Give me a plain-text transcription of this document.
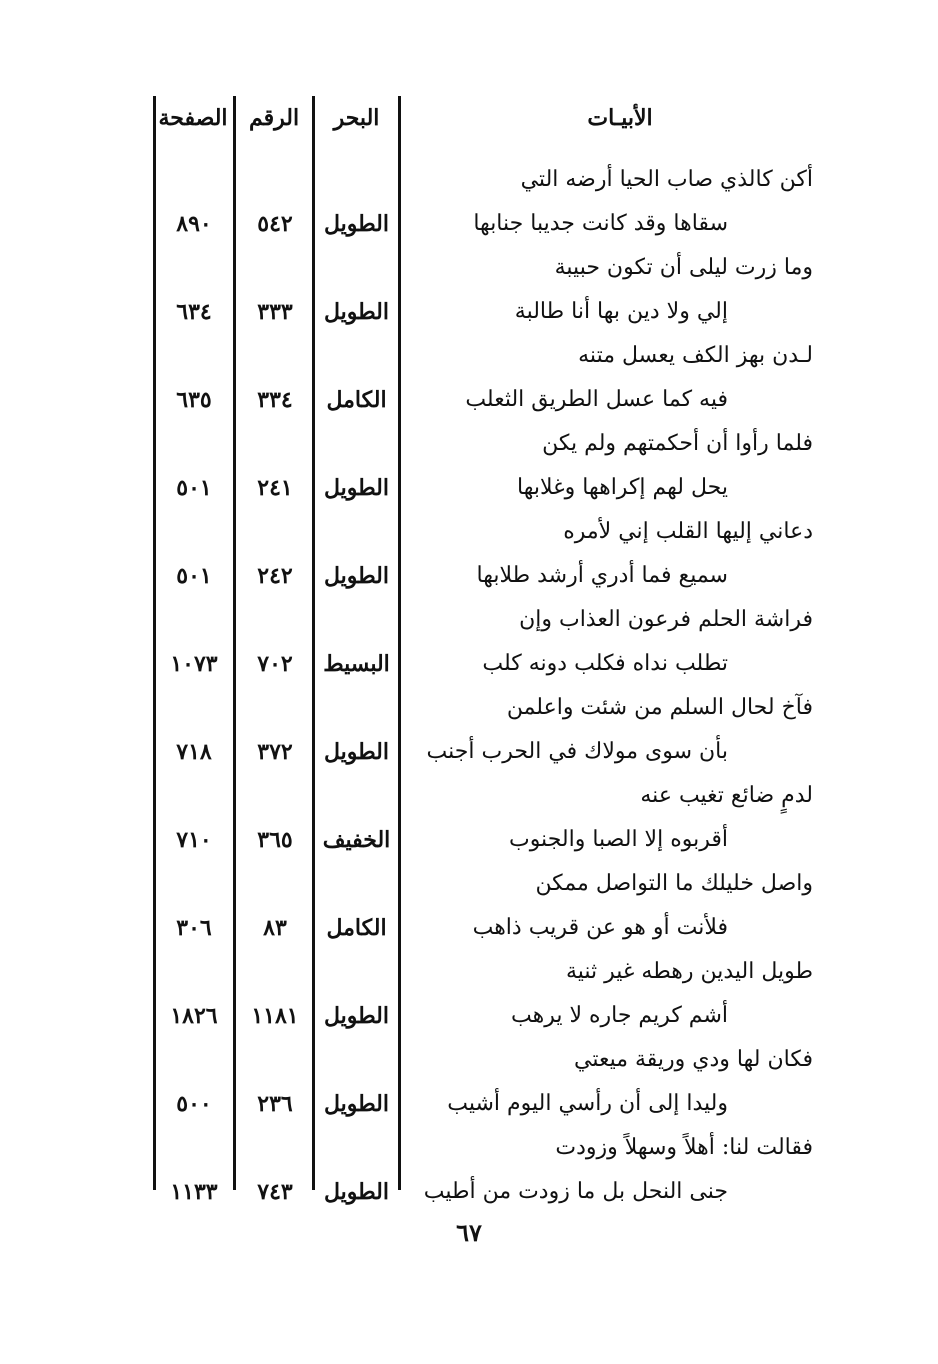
الأبيـات
البحر
الرقم
الصفحة
أكن كالذي صاب الحيا أرضه التي
سقاها وقد كانت جديبا جنابها
الطويل
٥٤٢
٨٩٠
وما زرت ليلى أن تكون حبيبة
إلي ولا دين بها أنا طالبة
الطويل
٣٣٣
٦٣٤
لـدن بهز الكف يعسل متنه
فيه كما عسل الطريق الثعلب
الكامل
٣٣٤
٦٣٥
فلما رأوا أن أحكمتهم ولم يكن
يحل لهم إكراهها وغلابها
الطويل
٢٤١
٥٠١
دعاني إليها القلب إني لأمره
سميع فما أدري أرشد طلابها
الطويل
٢٤٢
٥٠١
فراشة الحلم فرعون العذاب وإن
تطلب نداه فكلب دونه كلب
البسيط
٧٠٢
١٠٧٣
فآخ لحال السلم من شئت واعلمن
بأن سوى مولاك في الحرب أجنب
الطويل
٣٧٢
٧١٨
لدمٍ ضائع تغيب عنه
أقربوه إلا الصبا والجنوب
الخفيف
٣٦٥
٧١٠
واصل خليلك ما التواصل ممكن
فلأنت أو هو عن قريب ذاهب
الكامل
٨٣
٣٠٦
طويل اليدين رهطه غير ثنية
أشم كريم جاره لا يرهب
الطويل
١١٨١
١٨٢٦
فكان لها ودي وريقة ميعتي
وليدا إلى أن رأسي اليوم أشيب
الطويل
٢٣٦
٥٠٠
فقالت لنا: أهلاً وسهلاً وزودت
جنى النحل بل ما زودت من أطيب
الطويل
٧٤٣
١١٣٣
٦٧
